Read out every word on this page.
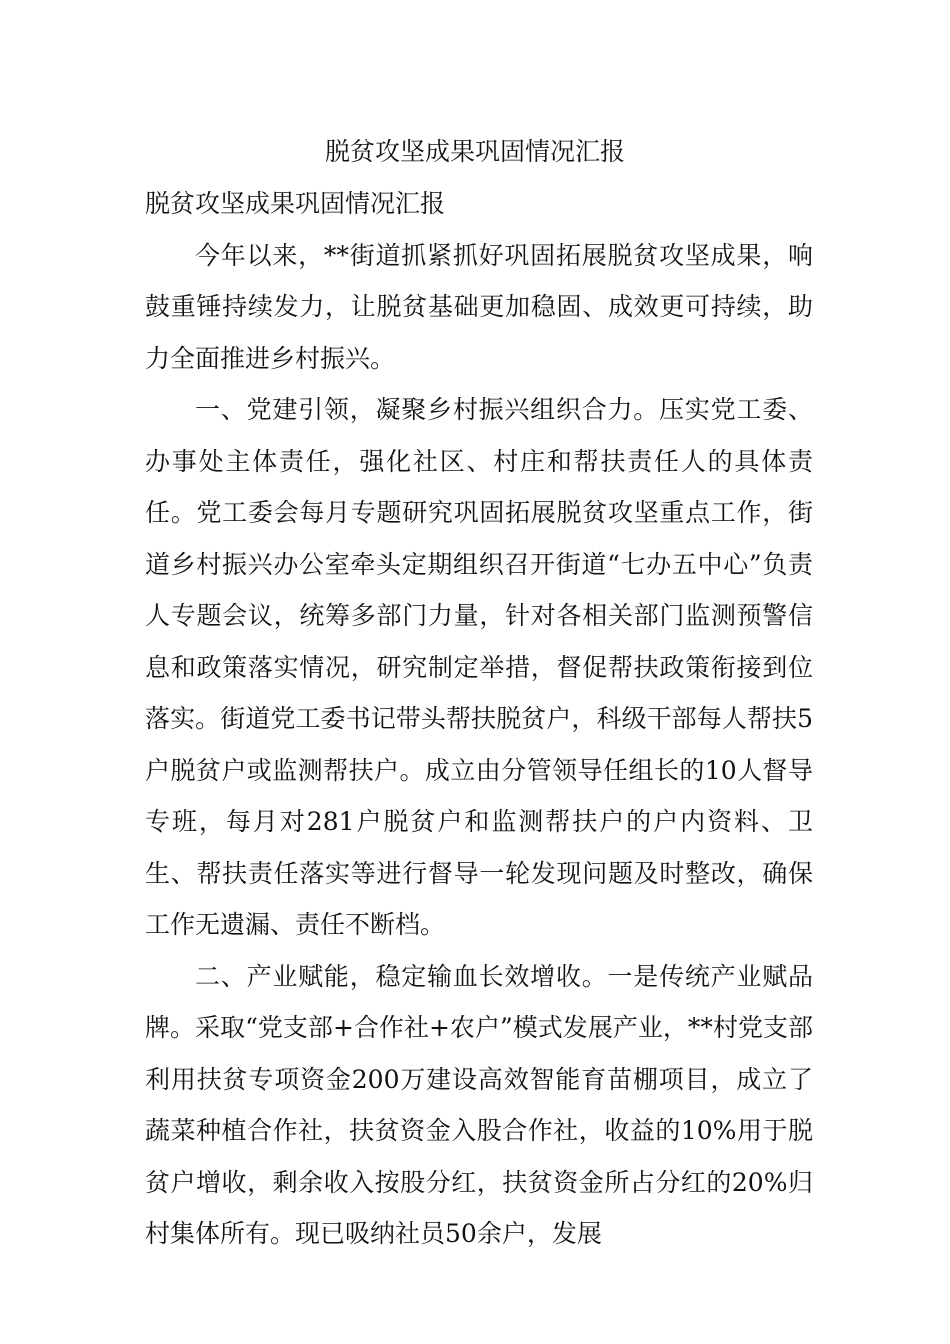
脱贫攻坚成果巩固情况汇报

脱贫攻坚成果巩固情况汇报

今年以来，**街道抓紧抓好巩固拓展脱贫攻坚成果，响鼓重锤持续发力，让脱贫基础更加稳固、成效更可持续，助力全面推进乡村振兴。

一、党建引领，凝聚乡村振兴组织合力。压实党工委、办事处主体责任，强化社区、村庄和帮扶责任人的具体责任。党工委会每月专题研究巩固拓展脱贫攻坚重点工作，街道乡村振兴办公室牵头定期组织召开街道“七办五中心”负责人专题会议，统筹多部门力量，针对各相关部门监测预警信息和政策落实情况，研究制定举措，督促帮扶政策衔接到位落实。街道党工委书记带头帮扶脱贫户，科级干部每人帮扶5户脱贫户或监测帮扶户。成立由分管领导任组长的10人督导专班，每月对281户脱贫户和监测帮扶户的户内资料、卫生、帮扶责任落实等进行督导一轮发现问题及时整改，确保工作无遗漏、责任不断档。

二、产业赋能，稳定输血长效增收。一是传统产业赋品牌。采取“党支部+合作社+农户”模式发展产业，**村党支部利用扶贫专项资金200万建设高效智能育苗棚项目，成立了蔬菜种植合作社，扶贫资金入股合作社，收益的10%用于脱贫户增收，剩余收入按股分红，扶贫资金所占分红的20%归村集体所有。现已吸纳社员50余户，发展
